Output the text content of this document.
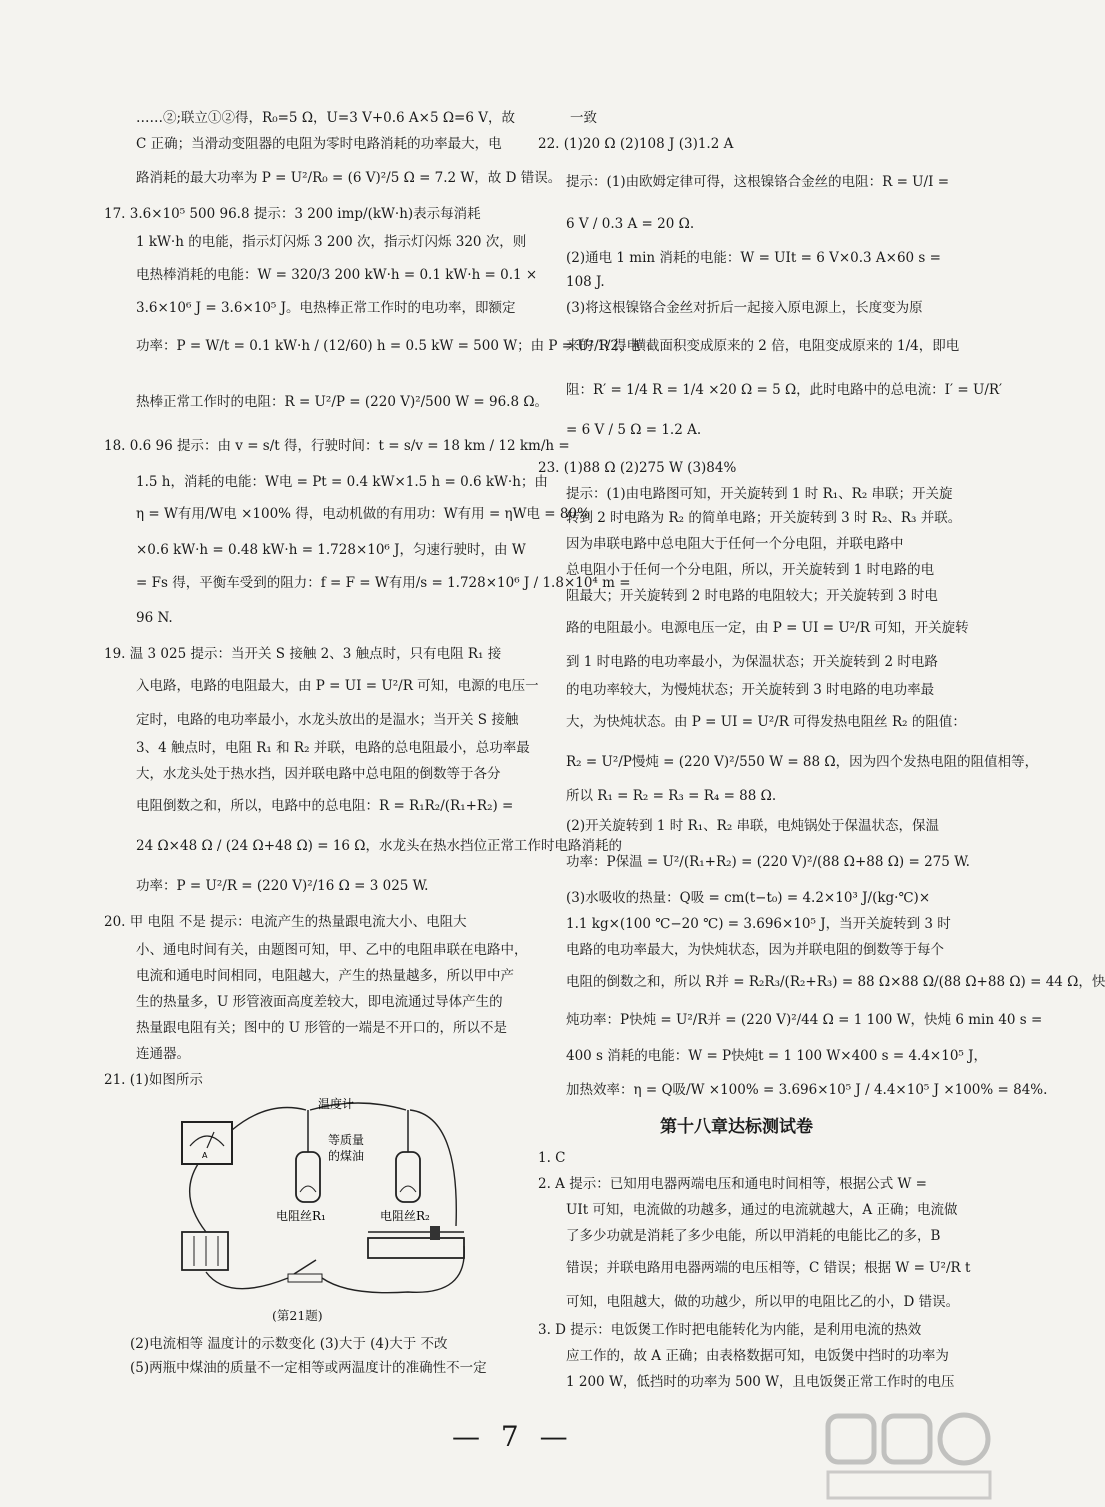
……②;联立①②得，R₀=5 Ω，U=3 V+0.6 A×5 Ω=6 V，故
C 正确；当滑动变阻器的电阻为零时电路消耗的功率最大，电
路消耗的最大功率为 P = U²/R₀ = (6 V)²/5 Ω = 7.2 W，故 D 错误。
17. 3.6×10⁵ 500 96.8 提示：3 200 imp/(kW·h)表示每消耗
1 kW·h 的电能，指示灯闪烁 3 200 次，指示灯闪烁 320 次，则
电热棒消耗的电能：W = 320/3 200 kW·h = 0.1 kW·h = 0.1 ×
3.6×10⁶ J = 3.6×10⁵ J。电热棒正常工作时的电功率，即额定
功率：P = W/t = 0.1 kW·h / (12/60) h = 0.5 kW = 500 W；由 P = U²/R 得电
热棒正常工作时的电阻：R = U²/P = (220 V)²/500 W = 96.8 Ω。
18. 0.6 96 提示：由 v = s/t 得，行驶时间：t = s/v = 18 km / 12 km/h =
1.5 h，消耗的电能：W电 = Pt = 0.4 kW×1.5 h = 0.6 kW·h；由
η = W有用/W电 ×100% 得，电动机做的有用功：W有用 = ηW电 = 80%
×0.6 kW·h = 0.48 kW·h = 1.728×10⁶ J，匀速行驶时，由 W
= Fs 得，平衡车受到的阻力：f = F = W有用/s = 1.728×10⁶ J / 1.8×10⁴ m =
96 N.
19. 温 3 025 提示：当开关 S 接触 2、3 触点时，只有电阻 R₁ 接
入电路，电路的电阻最大，由 P = UI = U²/R 可知，电源的电压一
定时，电路的电功率最小，水龙头放出的是温水；当开关 S 接触
3、4 触点时，电阻 R₁ 和 R₂ 并联，电路的总电阻最小，总功率最
大，水龙头处于热水挡，因并联电路中总电阻的倒数等于各分
电阻倒数之和，所以，电路中的总电阻：R = R₁R₂/(R₁+R₂) =
24 Ω×48 Ω / (24 Ω+48 Ω) = 16 Ω，水龙头在热水挡位正常工作时电路消耗的
功率：P = U²/R = (220 V)²/16 Ω = 3 025 W.
20. 甲 电阻 不是 提示：电流产生的热量跟电流大小、电阻大
小、通电时间有关，由题图可知，甲、乙中的电阻串联在电路中，
电流和通电时间相同，电阻越大，产生的热量越多，所以甲中产
生的热量多，U 形管液面高度差较大，即电流通过导体产生的
热量跟电阻有关；图中的 U 形管的一端是不开口的，所以不是
连通器。
21. (1)如图所示
(2)电流相等 温度计的示数变化 (3)大于 (4)大于 不改
(5)两瓶中煤油的质量不一定相等或两温度计的准确性不一定
一致
22. (1)20 Ω (2)108 J (3)1.2 A
提示：(1)由欧姆定律可得，这根镍铬合金丝的电阻：R = U/I =
6 V / 0.3 A = 20 Ω.
(2)通电 1 min 消耗的电能：W = UIt = 6 V×0.3 A×60 s =
108 J.
(3)将这根镍铬合金丝对折后一起接入原电源上，长度变为原
来的 1/2，横截面积变成原来的 2 倍，电阻变成原来的 1/4，即电
阻：R′ = 1/4 R = 1/4 ×20 Ω = 5 Ω，此时电路中的总电流：I′ = U/R′
= 6 V / 5 Ω = 1.2 A.
23. (1)88 Ω (2)275 W (3)84%
提示：(1)由电路图可知，开关旋转到 1 时 R₁、R₂ 串联；开关旋
转到 2 时电路为 R₂ 的简单电路；开关旋转到 3 时 R₂、R₃ 并联。
因为串联电路中总电阻大于任何一个分电阻，并联电路中
总电阻小于任何一个分电阻，所以，开关旋转到 1 时电路的电
阻最大；开关旋转到 2 时电路的电阻较大；开关旋转到 3 时电
路的电阻最小。电源电压一定，由 P = UI = U²/R 可知，开关旋转
到 1 时电路的电功率最小，为保温状态；开关旋转到 2 时电路
的电功率较大，为慢炖状态；开关旋转到 3 时电路的电功率最
大，为快炖状态。由 P = UI = U²/R 可得发热电阻丝 R₂ 的阻值：
R₂ = U²/P慢炖 = (220 V)²/550 W = 88 Ω，因为四个发热电阻的阻值相等，
所以 R₁ = R₂ = R₃ = R₄ = 88 Ω.
(2)开关旋转到 1 时 R₁、R₂ 串联，电炖锅处于保温状态，保温
功率：P保温 = U²/(R₁+R₂) = (220 V)²/(88 Ω+88 Ω) = 275 W.
(3)水吸收的热量：Q吸 = cm(t−t₀) = 4.2×10³ J/(kg·℃)×
1.1 kg×(100 ℃−20 ℃) = 3.696×10⁵ J，当开关旋转到 3 时
电路的电功率最大，为快炖状态，因为并联电阻的倒数等于每个
电阻的倒数之和，所以 R并 = R₂R₃/(R₂+R₃) = 88 Ω×88 Ω/(88 Ω+88 Ω) = 44 Ω，快
炖功率：P快炖 = U²/R并 = (220 V)²/44 Ω = 1 100 W，快炖 6 min 40 s =
400 s 消耗的电能：W = P快炖t = 1 100 W×400 s = 4.4×10⁵ J，
加热效率：η = Q吸/W ×100% = 3.696×10⁵ J / 4.4×10⁵ J ×100% = 84%.
1. C
2. A 提示：已知用电器两端电压和通电时间相等，根据公式 W =
UIt 可知，电流做的功越多，通过的电流就越大，A 正确；电流做
了多少功就是消耗了多少电能，所以甲消耗的电能比乙的多，B
错误；并联电路用电器两端的电压相等，C 错误；根据 W = U²/R t
可知，电阻越大，做的功越少，所以甲的电阻比乙的小，D 错误。
3. D 提示：电饭煲工作时把电能转化为内能，是利用电流的热效
应工作的，故 A 正确；由表格数据可知，电饭煲中挡时的功率为
1 200 W，低挡时的功率为 500 W，且电饭煲正常工作时的电压
第十八章达标测试卷
A
温度计
等质量
的煤油
电阻丝R₁	电阻丝R₂
(第21题)
— 7 —
